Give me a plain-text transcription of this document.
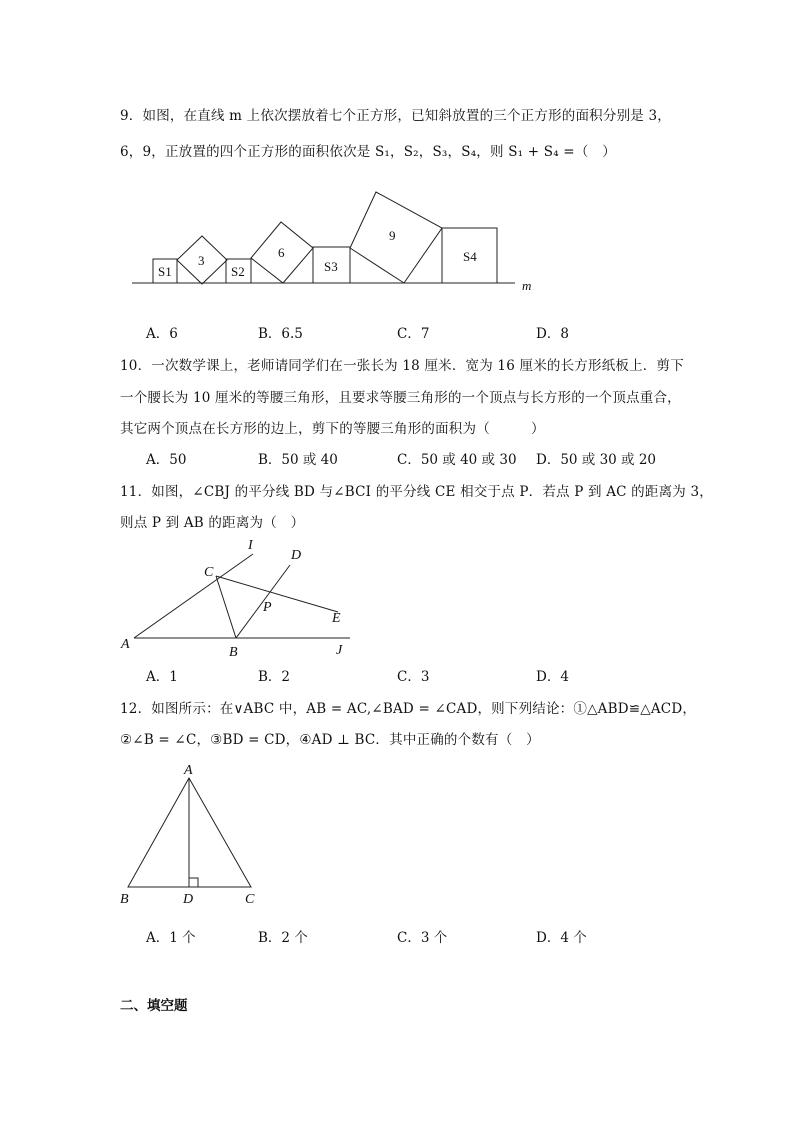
9．如图，在直线 m 上依次摆放着七个正方形，已知斜放置的三个正方形的面积分别是 3，
6，9，正放置的四个正方形的面积依次是 S₁，S₂，S₃，S₄，则 S₁ + S₄ =（　）
S1
3
S2
6
S3
9
S4
m
I
D
C
P
E
A
B	J
A
B	D	C
A．6	B．6.5	C．7	D．8
10．一次数学课上，老师请同学们在一张长为 18 厘米．宽为 16 厘米的长方形纸板上．剪下
一个腰长为 10 厘米的等腰三角形，且要求等腰三角形的一个顶点与长方形的一个顶点重合，
其它两个顶点在长方形的边上，剪下的等腰三角形的面积为（　　　）
A．50	B．50 或 40	C．50 或 40 或 30 D．50 或 30 或 20
11．如图，∠CBJ 的平分线 BD 与∠BCI 的平分线 CE 相交于点 P．若点 P 到 AC 的距离为 3，
则点 P 到 AB 的距离为（　）
A．1	B．2	C．3	D．4
12．如图所示：在∨ABC 中，AB = AC,∠BAD = ∠CAD，则下列结论：①△ABD≌△ACD，
②∠B = ∠C，③BD = CD，④AD ⊥ BC．其中正确的个数有（　）
A．1 个	B．2 个	C．3 个	D．4 个
二、填空题
